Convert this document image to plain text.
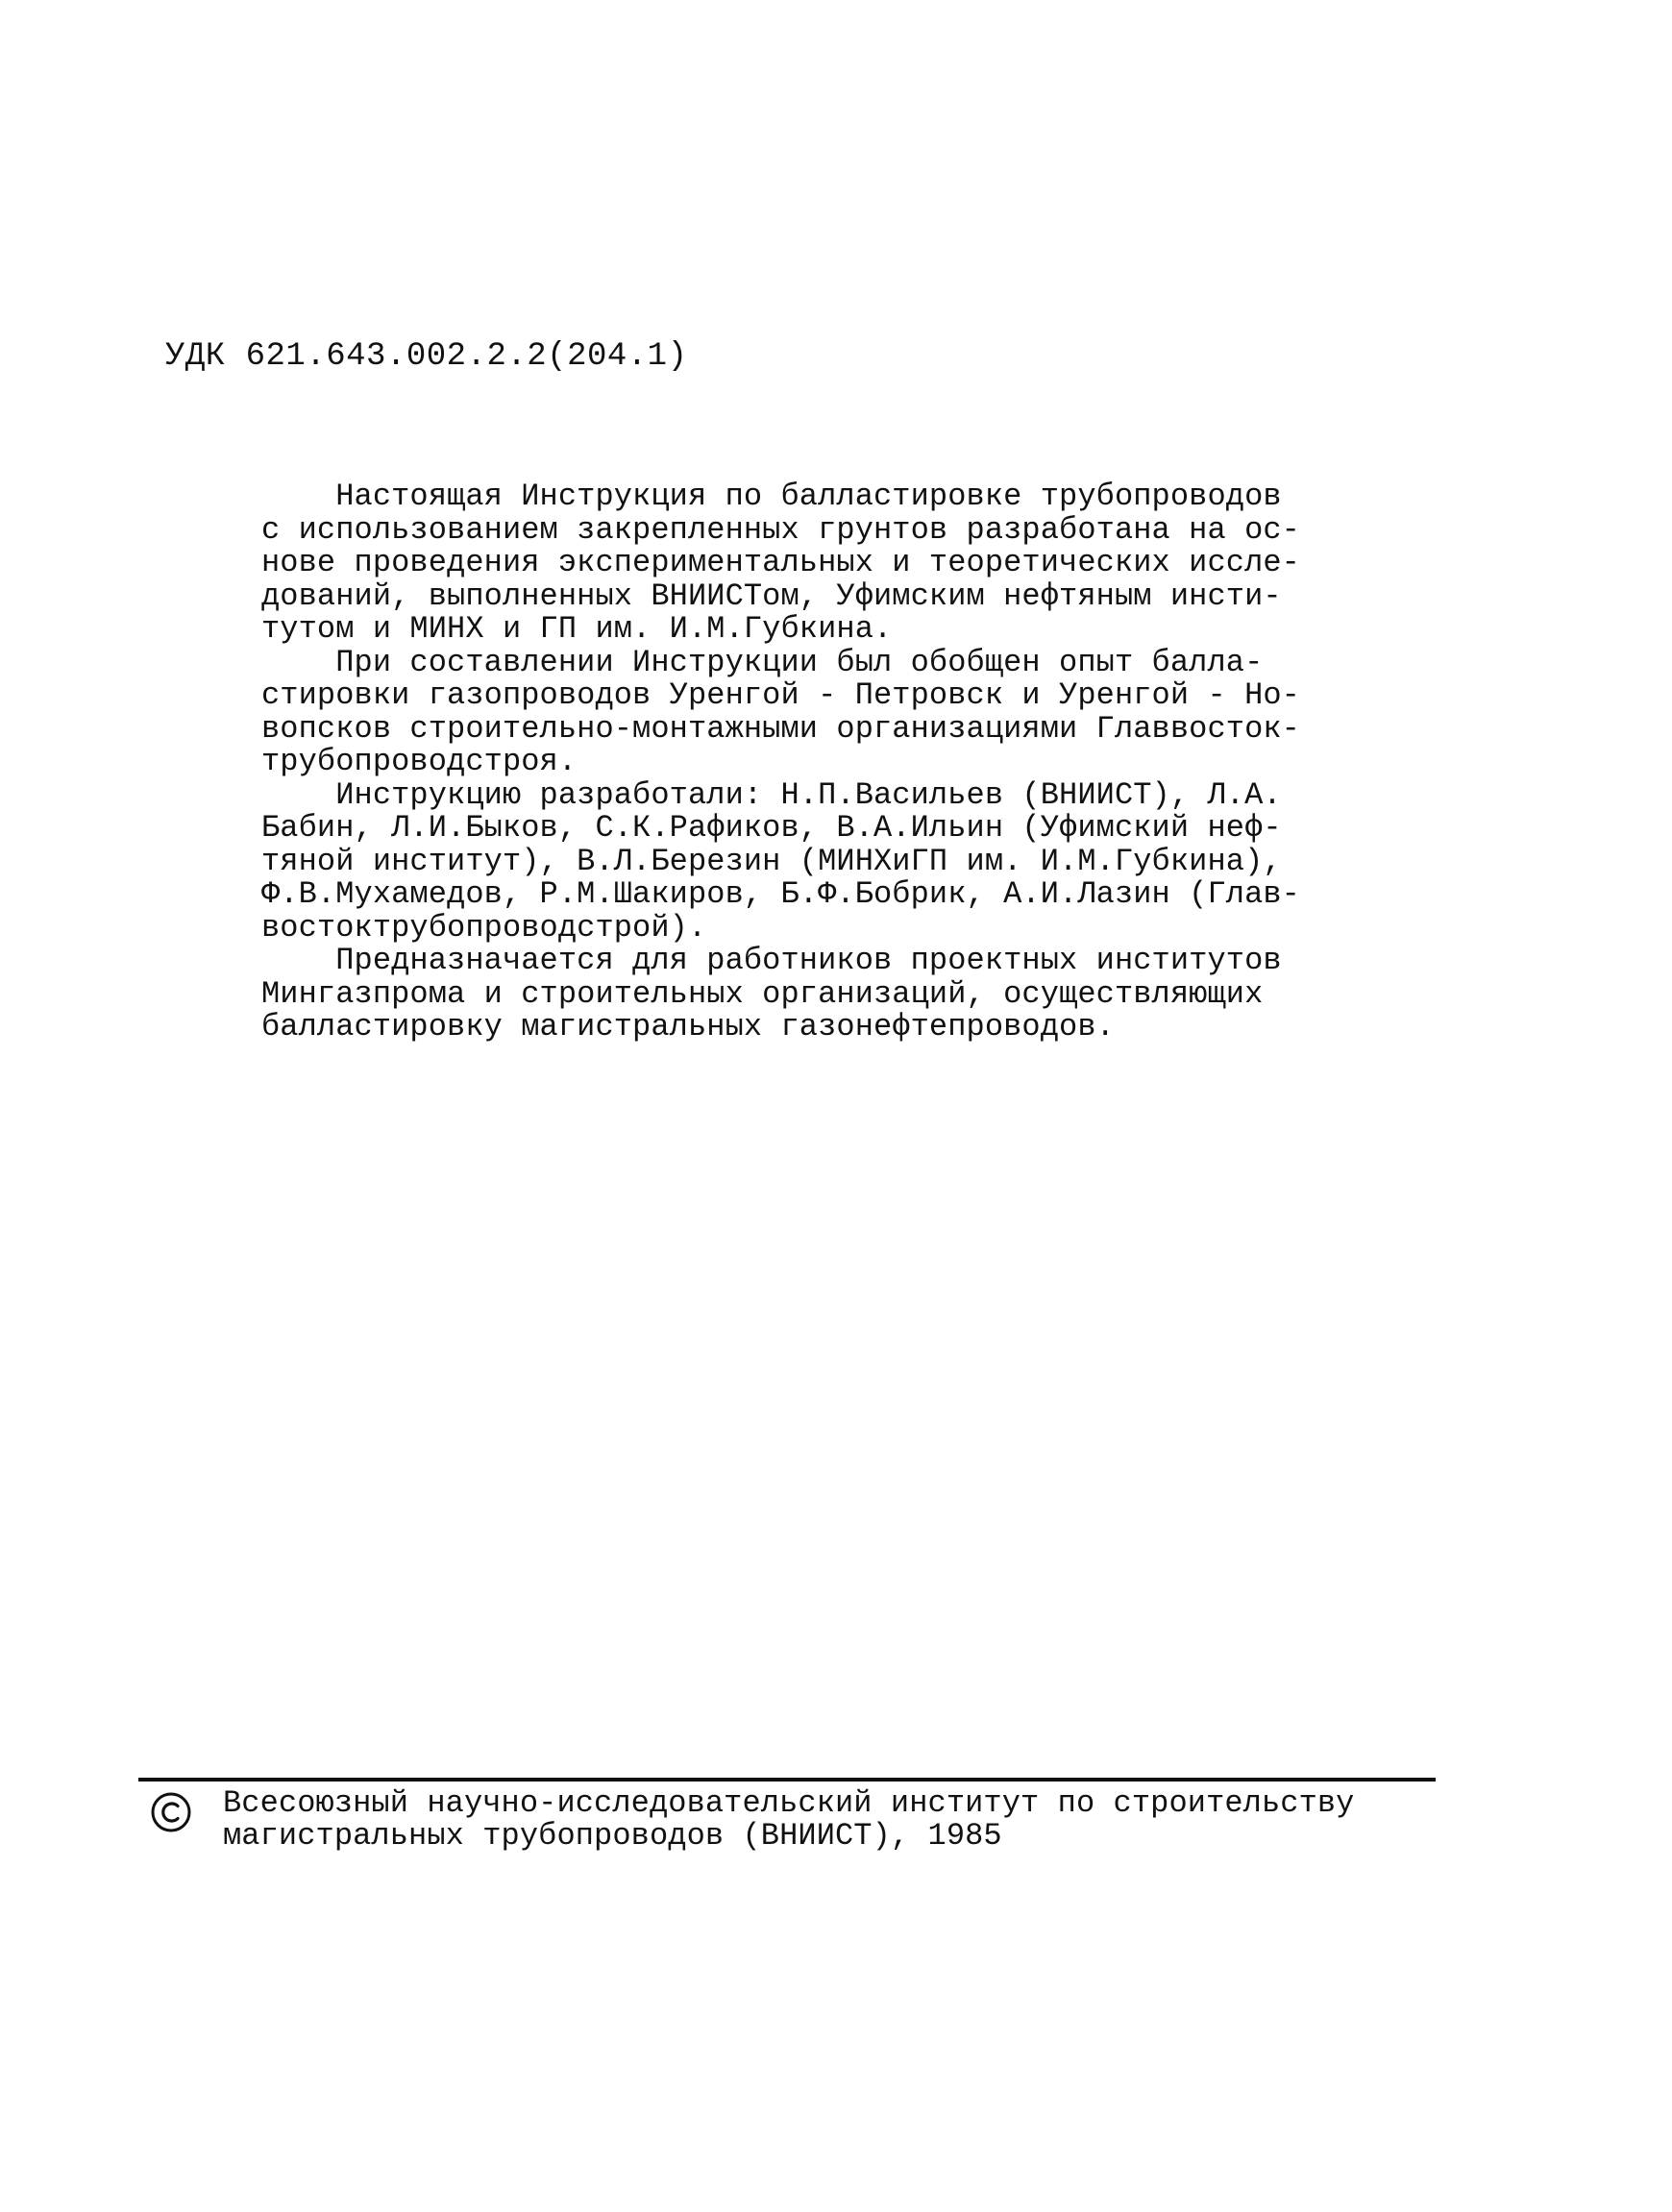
УДК 621.643.002.2.2(204.1)
Настоящая Инструкция по балластировке трубопроводов
с использованием закрепленных грунтов разработана на ос-
нове проведения экспериментальных и теоретических иссле-
дований, выполненных ВНИИСТом, Уфимским нефтяным инсти-
тутом и МИНХ и ГП им. И.М.Губкина.
При составлении Инструкции был обобщен опыт балла-
стировки газопроводов Уренгой - Петровск и Уренгой - Но-
вопсков строительно-монтажными организациями Главвосток-
трубопроводстроя.
Инструкцию разработали: Н.П.Васильев (ВНИИСТ), Л.А.
Бабин, Л.И.Быков, С.К.Рафиков, В.А.Ильин (Уфимский неф-
тяной институт), В.Л.Березин (МИНХиГП им. И.М.Губкина),
Ф.В.Мухамедов, Р.М.Шакиров, Б.Ф.Бобрик, А.И.Лазин (Глав-
востоктрубопроводстрой).
Предназначается для работников проектных институтов
Мингазпрома и строительных организаций, осуществляющих
балластировку магистральных газонефтепроводов.
Всесоюзный научно-исследовательский институт по строительству
магистральных трубопроводов (ВНИИСТ), 1985
